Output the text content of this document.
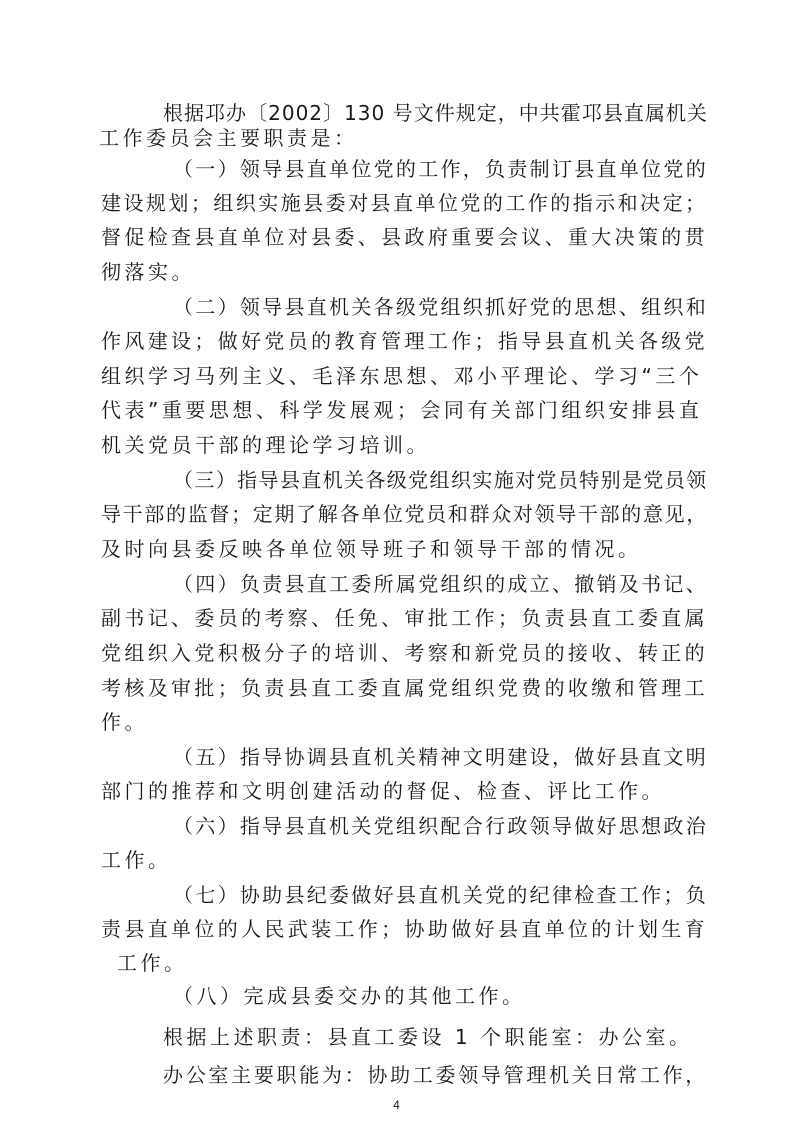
根据邛办〔2002〕130 号文件规定，中共霍邛县直属机关

工作委员会主要职责是：

（一）领导县直单位党的工作，负责制订县直单位党的

建设规划；组织实施县委对县直单位党的工作的指示和决定；

督促检查县直单位对县委、县政府重要会议、重大决策的贯

彻落实。

（二）领导县直机关各级党组织抓好党的思想、组织和

作风建设；做好党员的教育管理工作；指导县直机关各级党

组织学习马列主义、毛泽东思想、邓小平理论、学习“三个

代表”重要思想、科学发展观；会同有关部门组织安排县直

机关党员干部的理论学习培训。

（三）指导县直机关各级党组织实施对党员特别是党员领

导干部的监督；定期了解各单位党员和群众对领导干部的意见，

及时向县委反映各单位领导班子和领导干部的情况。

（四）负责县直工委所属党组织的成立、撤销及书记、

副书记、委员的考察、任免、审批工作；负责县直工委直属

党组织入党积极分子的培训、考察和新党员的接收、转正的

考核及审批；负责县直工委直属党组织党费的收缴和管理工

作。

（五）指导协调县直机关精神文明建设，做好县直文明

部门的推荐和文明创建活动的督促、检查、评比工作。

（六）指导县直机关党组织配合行政领导做好思想政治

工作。

（七）协助县纪委做好县直机关党的纪律检查工作；负

责县直单位的人民武装工作；协助做好县直单位的计划生育

工作。

（八）完成县委交办的其他工作。

根据上述职责：县直工委设 1 个职能室：办公室。

办公室主要职能为：协助工委领导管理机关日常工作，

4
